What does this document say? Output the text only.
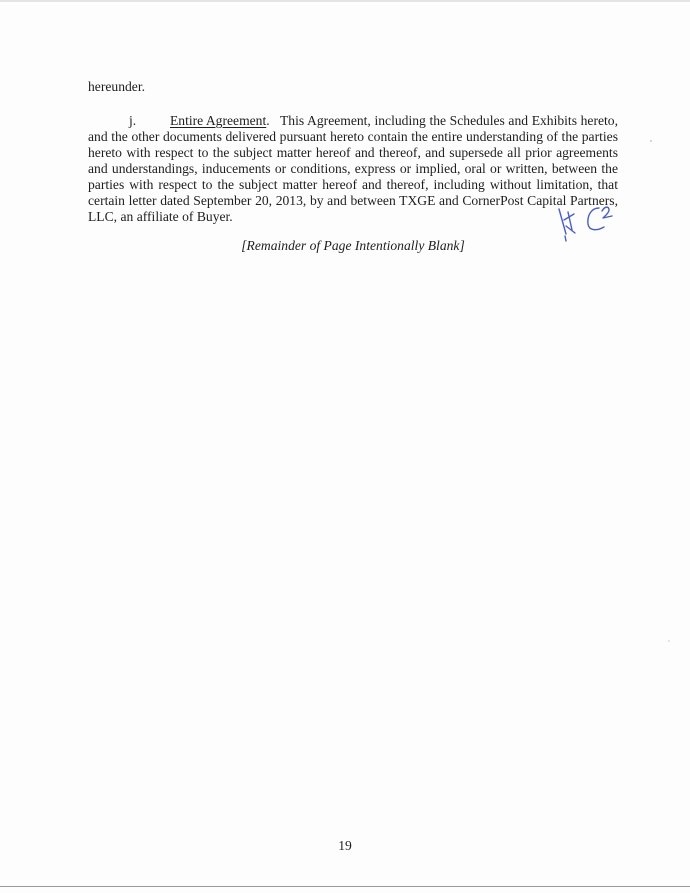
hereunder.
j. Entire Agreement. This Agreement, including the Schedules and Exhibits hereto,
and the other documents delivered pursuant hereto contain the entire understanding of the parties
hereto with respect to the subject matter hereof and thereof, and supersede all prior agreements
and understandings, inducements or conditions, express or implied, oral or written, between the
parties with respect to the subject matter hereof and thereof, including without limitation, that
certain letter dated September 20, 2013, by and between TXGE and CornerPost Capital Partners,
LLC, an affiliate of Buyer.
[Remainder of Page Intentionally Blank]
19
